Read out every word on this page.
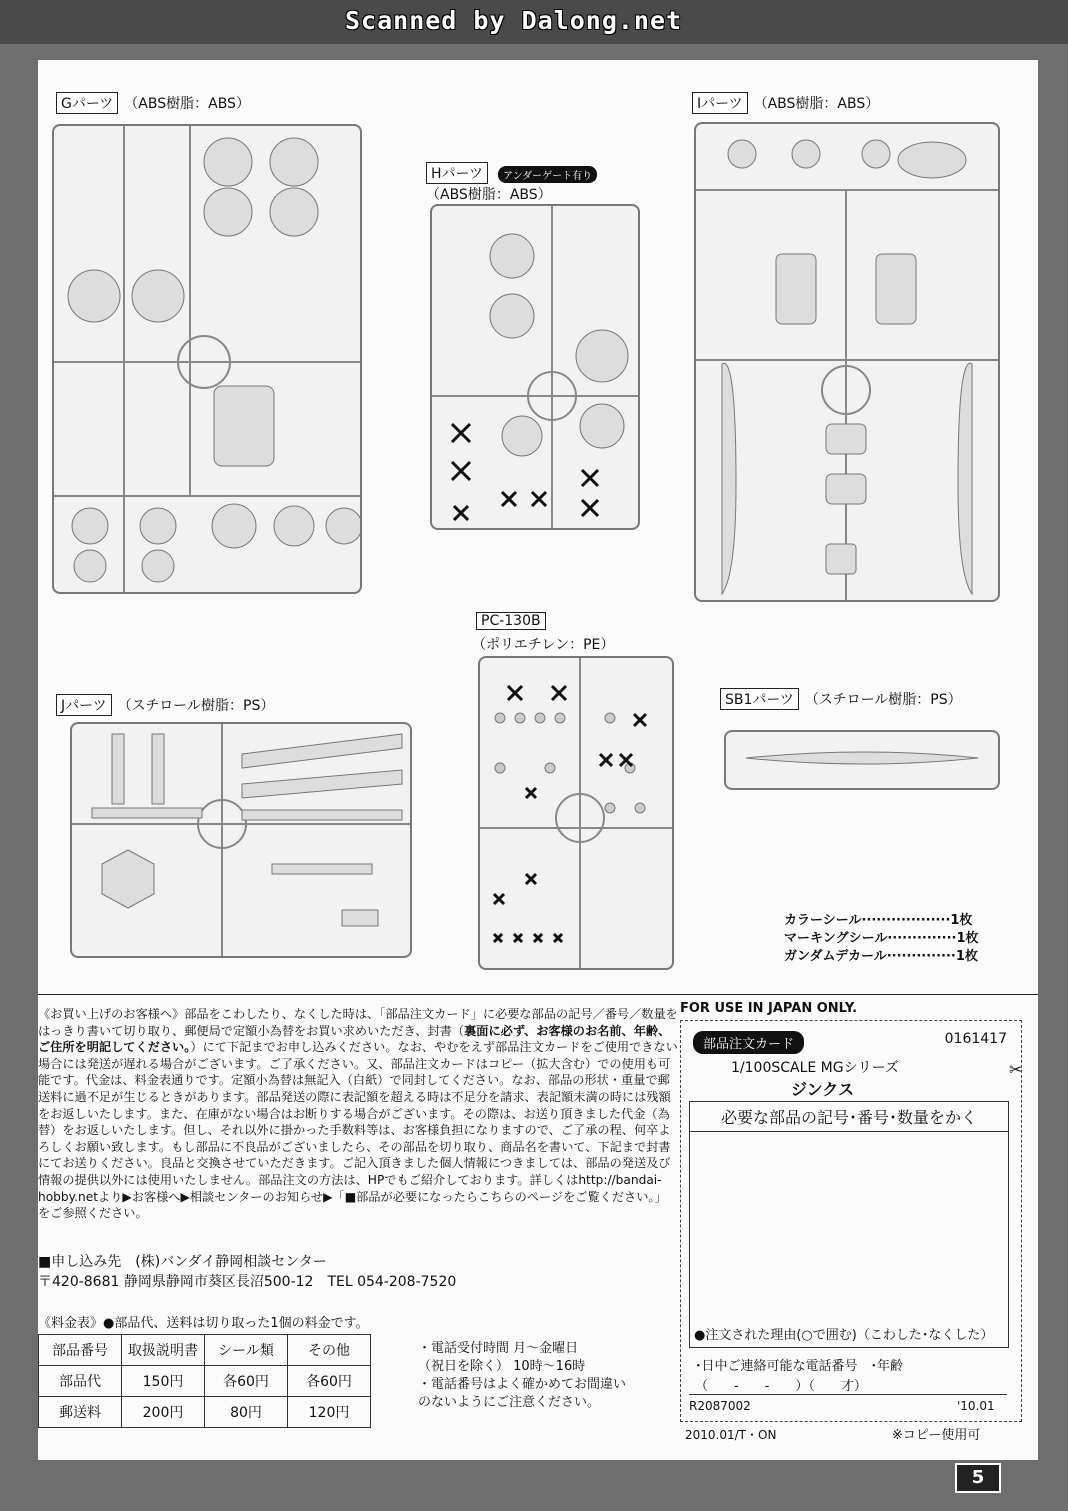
Scanned by Dalong.net
Gパーツ （ABS樹脂：ABS）
Hパーツ アンダーゲート有り
（ABS樹脂：ABS）
Iパーツ （ABS樹脂：ABS）
PC-130B
（ポリエチレン：PE）
Jパーツ （スチロール樹脂：PS）	SB1パーツ （スチロール樹脂：PS）
カラーシール··················1枚
マーキングシール··············1枚
ガンダムデカール··············1枚
《お買い上げのお客様へ》部品をこわしたり、なくした時は、「部品注文カード」に必要な部品の記号／番号／数量をはっきり書いて切り取り、郵便局で定額小為替をお買い求めいただき、封書（裏面に必ず、お客様のお名前、年齢、ご住所を明記してください。）にて下記までお申し込みください。なお、やむをえず部品注文カードをご使用できない場合には発送が遅れる場合がございます。ご了承ください。又、部品注文カードはコピー（拡大含む）での使用も可能です。代金は、料金表通りです。定額小為替は無記入（白紙）で同封してください。なお、部品の形状・重量で郵送料に過不足が生じるときがあります。部品発送の際に表記額を超える時は不足分を請求、表記額未満の時には残額をお返しいたします。また、在庫がない場合はお断りする場合がございます。その際は、お送り頂きました代金（為替）をお返しいたします。但し、それ以外に掛かった手数料等は、お客様負担になりますので、ご了承の程、何卒よろしくお願い致します。もし部品に不良品がございましたら、その部品を切り取り、商品名を書いて、下記まで封書にてお送りください。良品と交換させていただきます。ご記入頂きました個人情報につきましては、部品の発送及び情報の提供以外には使用いたしません。部品注文の方法は、HPでもご紹介しております。詳しくはhttp://bandai-hobby.netより▶お客様へ▶相談センターのお知らせ▶「■部品が必要になったらこちらのページをご覧ください。」をご参照ください。
■申し込み先　(株)バンダイ静岡相談センター
〒420-8681 静岡県静岡市葵区長沼500-12　TEL 054-208-7520
《料金表》●部品代、送料は切り取った1個の料金です。
部品番号	取扱説明書	シール類	その他
部品代	150円	各60円	各60円
郵送料	200円	80円	120円
・電話受付時間 月～金曜日
（祝日を除く） 10時～16時
・電話番号はよく確かめてお間違い
のないようにご注意ください。
FOR USE IN JAPAN ONLY.
部品注文カード	0161417
1/100SCALE MGシリーズ
ジンクス
必要な部品の記号･番号･数量をかく
●注文された理由(○で囲む)（こわした･なくした）
･日中ご連絡可能な電話番号　･年齢
（　　-　　-　　）（　　才）
R2087002	'10.01
✂
2010.01/T・ON	※コピー使用可
5
